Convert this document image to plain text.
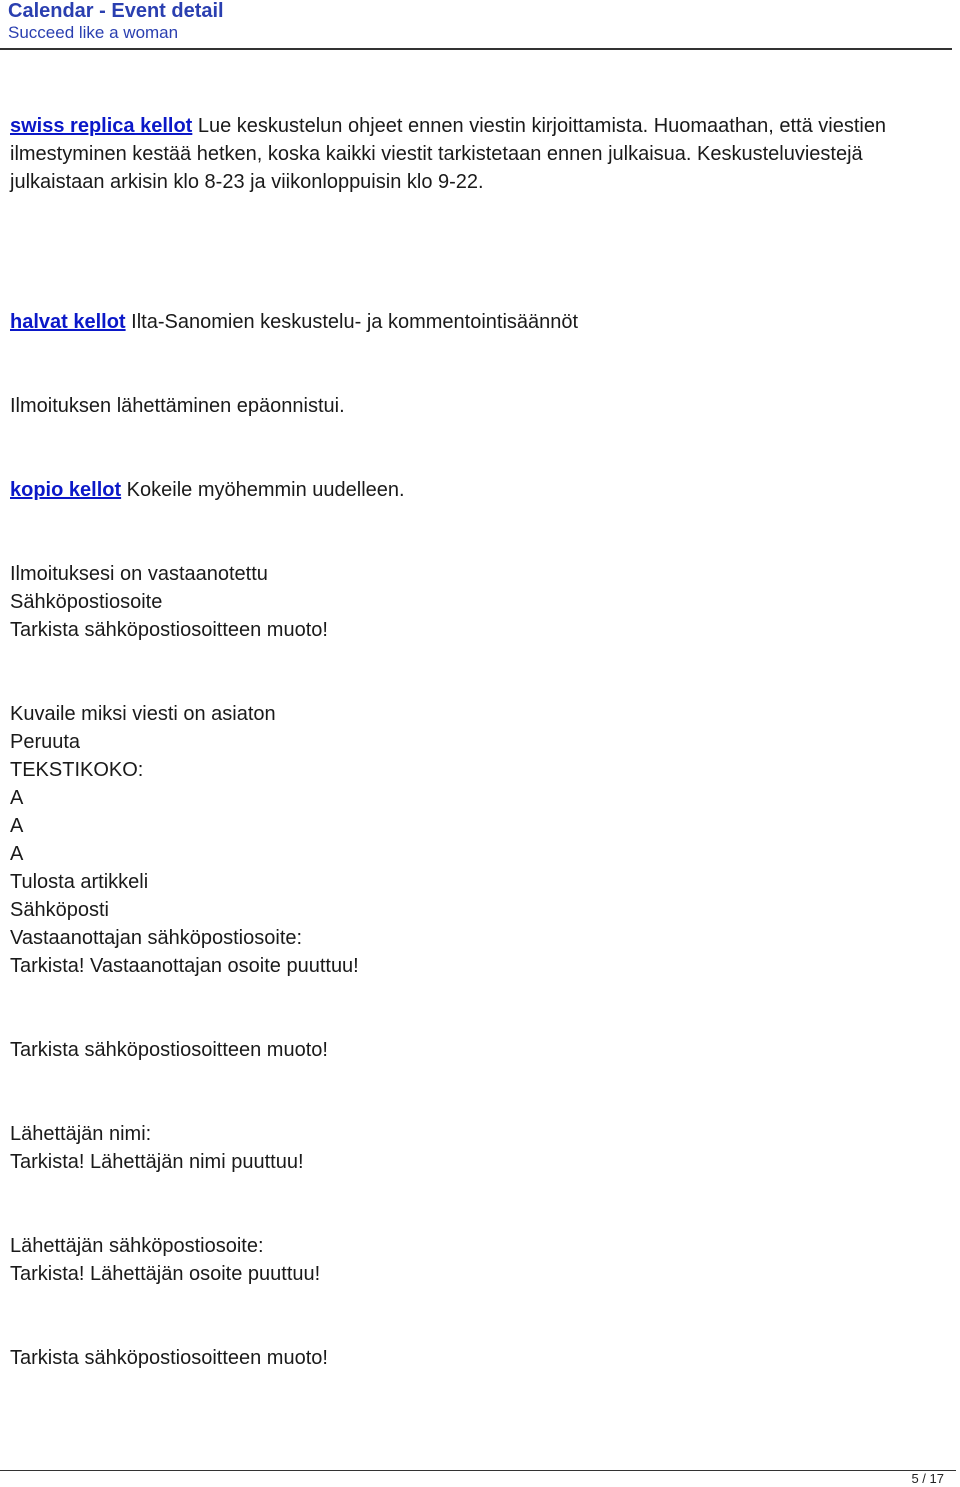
Calendar - Event detail
Succeed like a woman

swiss replica kellot Lue keskustelun ohjeet ennen viestin kirjoittamista. Huomaathan, että viestien ilmestyminen kestää hetken, koska kaikki viestit tarkistetaan ennen julkaisua. Keskusteluviestejä julkaistaan arkisin klo 8-23 ja viikonloppuisin klo 9-22.

halvat kellot Ilta-Sanomien keskustelu- ja kommentointisäännöt

Ilmoituksen lähettäminen epäonnistui.

kopio kellot Kokeile myöhemmin uudelleen.

Ilmoituksesi on vastaanotettu
Sähköpostiosoite
Tarkista sähköpostiosoitteen muoto!
Kuvaile miksi viesti on asiaton
Peruuta
TEKSTIKOKO:
A
A
A
Tulosta artikkeli
Sähköposti
Vastaanottajan sähköpostiosoite:
Tarkista! Vastaanottajan osoite puuttuu!
Tarkista sähköpostiosoitteen muoto!
Lähettäjän nimi:
Tarkista! Lähettäjän nimi puuttuu!
Lähettäjän sähköpostiosoite:
Tarkista! Lähettäjän osoite puuttuu!
Tarkista sähköpostiosoitteen muoto!
5 / 17
